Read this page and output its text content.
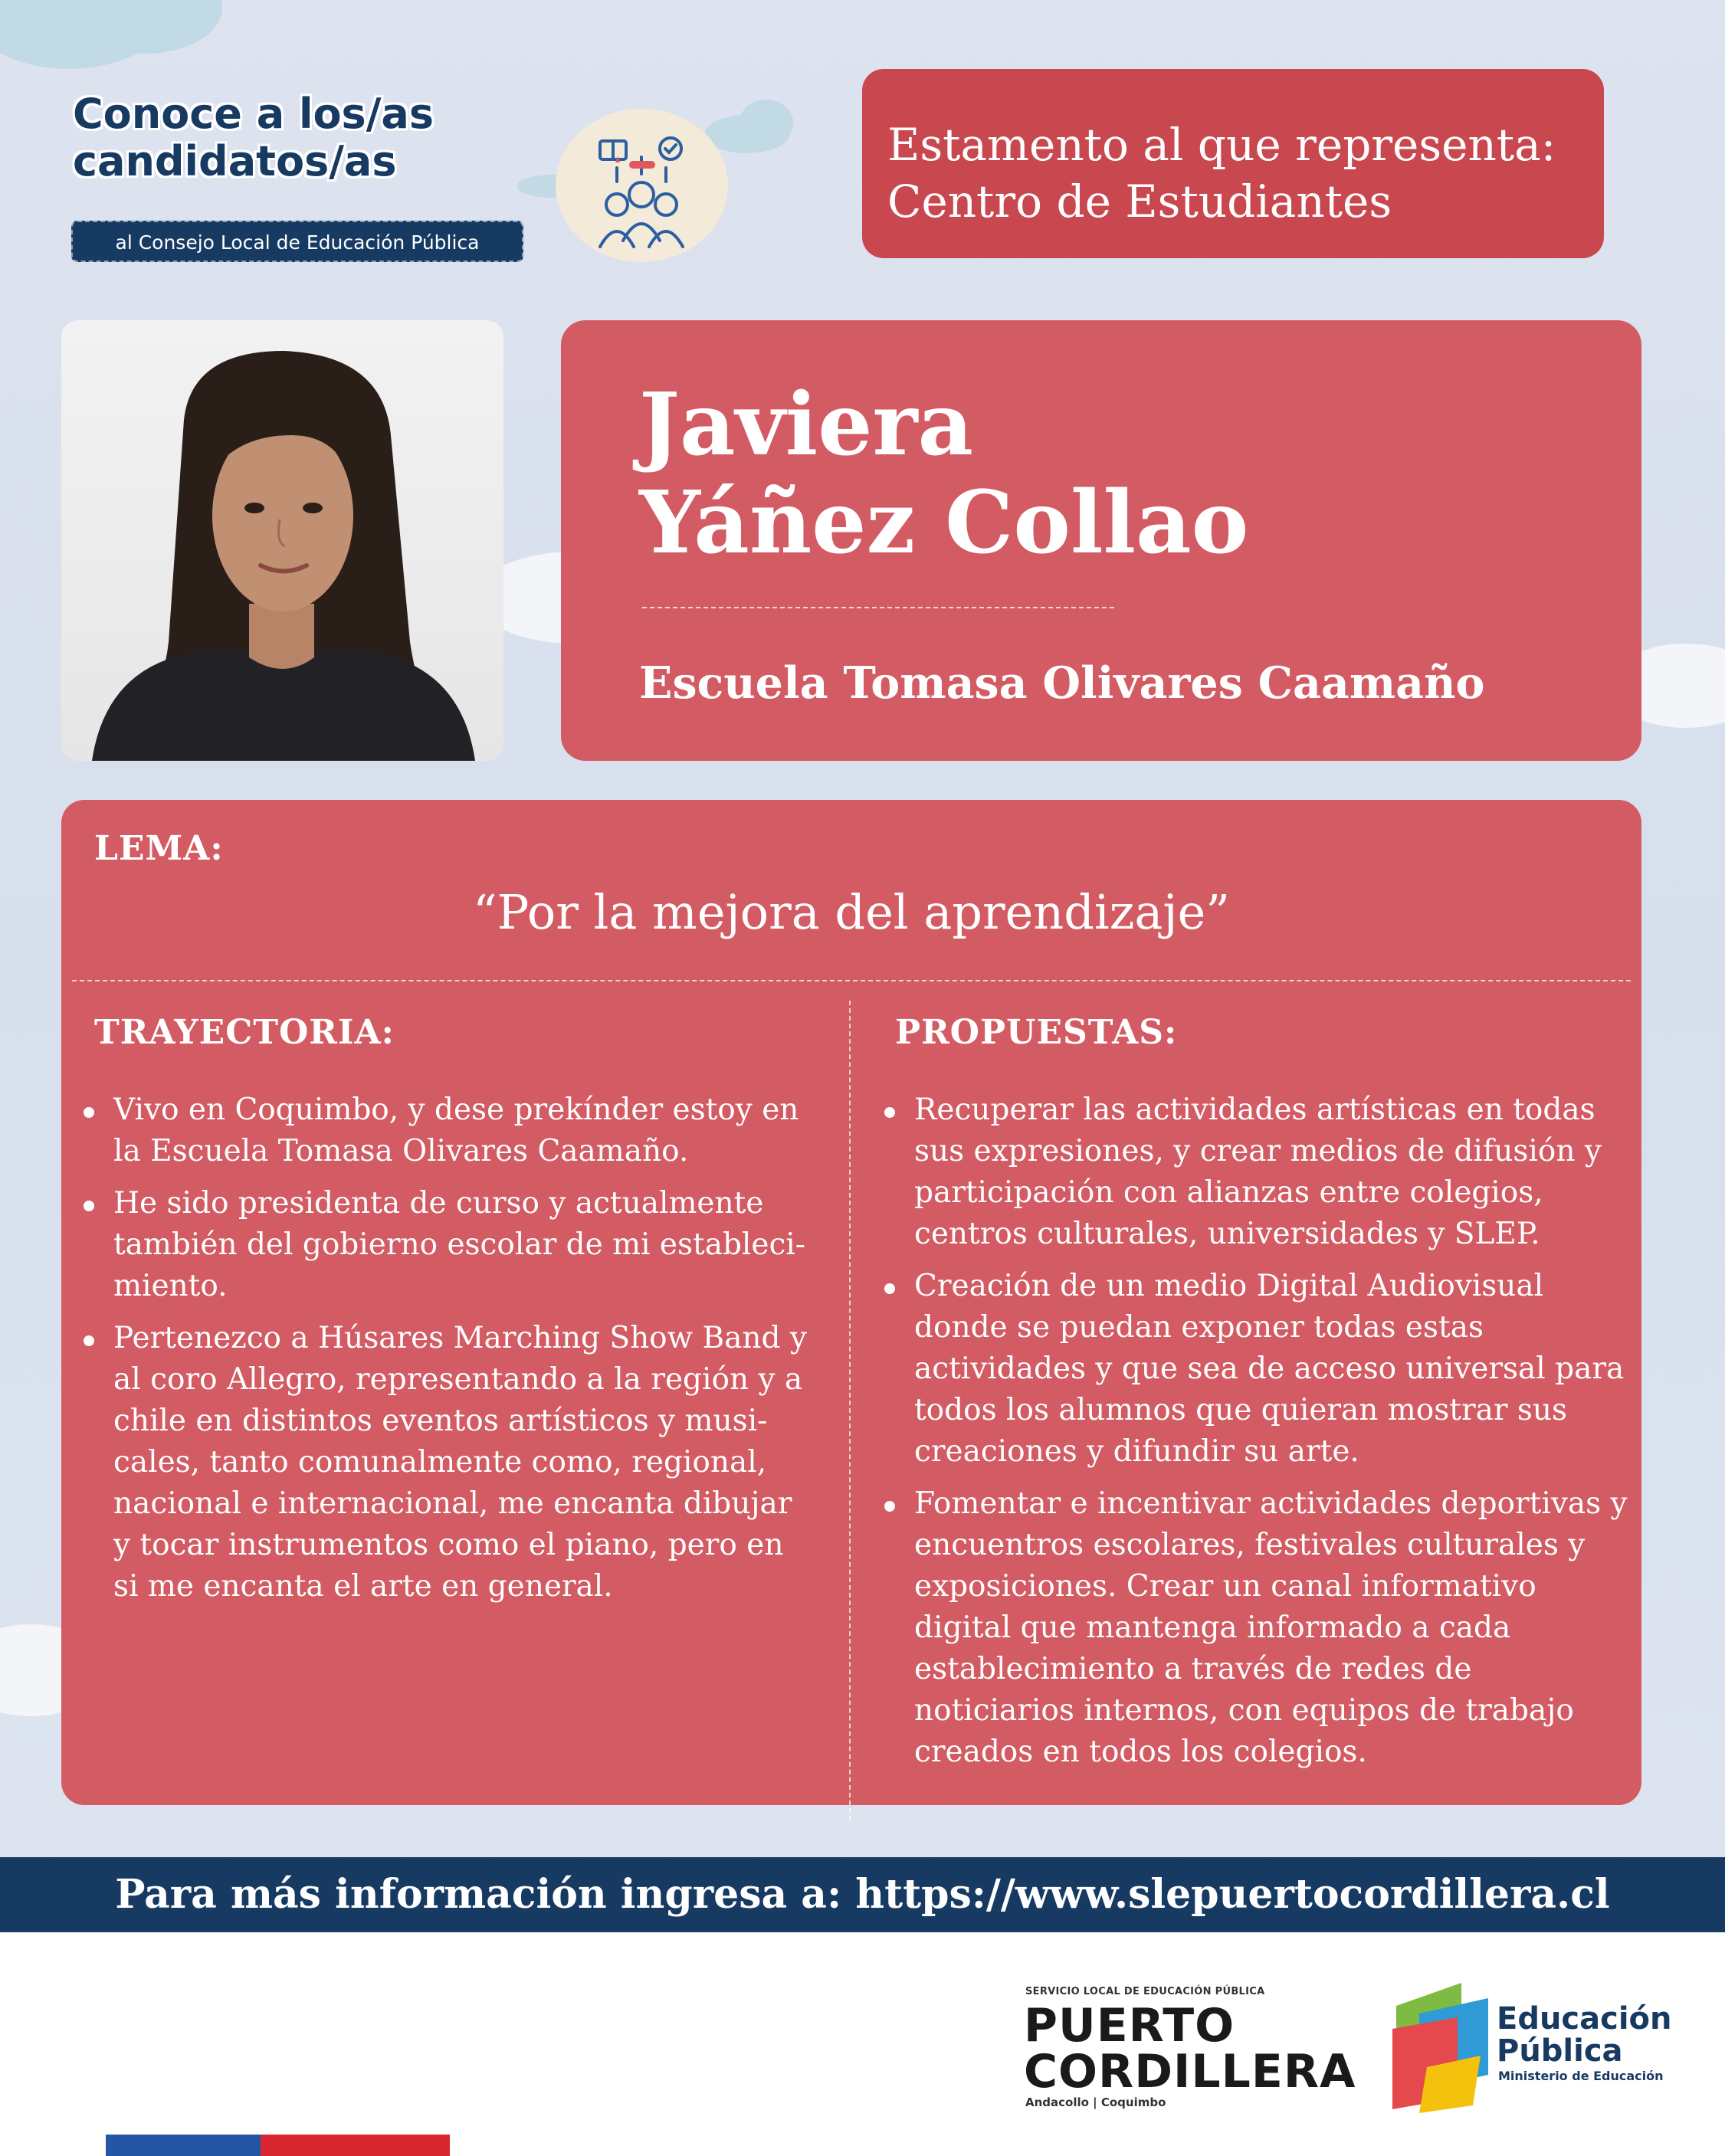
Conoce a los/as
candidatos/as
al Consejo Local de Educación Pública
Estamento al que representa:
Centro de Estudiantes
Javiera
Yáñez Collao
Escuela Tomasa Olivares Caamaño
LEMA:
“Por la mejora del aprendizaje”
TRAYECTORIA:
Vivo en Coquimbo, y dese prekínder estoy en la Escuela Tomasa Olivares Caamaño.
He sido presidenta de curso y actualmente también del gobierno escolar de mi estableci- miento.
Pertenezco a Húsares Marching Show Band y al coro Allegro, representando a la región y a chile en distintos eventos artísticos y musi- cales, tanto comunalmente como, regional, nacional e internacional, me encanta dibujar y tocar instrumentos como el piano, pero en si me encanta el arte en general.
PROPUESTAS:
Recuperar las actividades artísticas en todas sus expresiones, y crear medios de difusión y participación con alianzas entre colegios, centros culturales, universidades y SLEP.
Creación de un medio Digital Audiovisual donde se puedan exponer todas estas actividades y que sea de acceso universal para todos los alumnos que quieran mostrar sus creaciones y difundir su arte.
Fomentar e incentivar actividades deportivas y encuentros escolares, festivales culturales y exposiciones. Crear un canal informativo digital que mantenga informado a cada establecimiento a través de redes de noticiarios internos, con equipos de trabajo creados en todos los colegios.
Para más información ingresa a: https://www.slepuertocordillera.cl
SERVICIO LOCAL DE EDUCACIÓN PÚBLICA
PUERTO
CORDILLERA
Andacollo | Coquimbo
Educación
Pública
Ministerio de Educación
